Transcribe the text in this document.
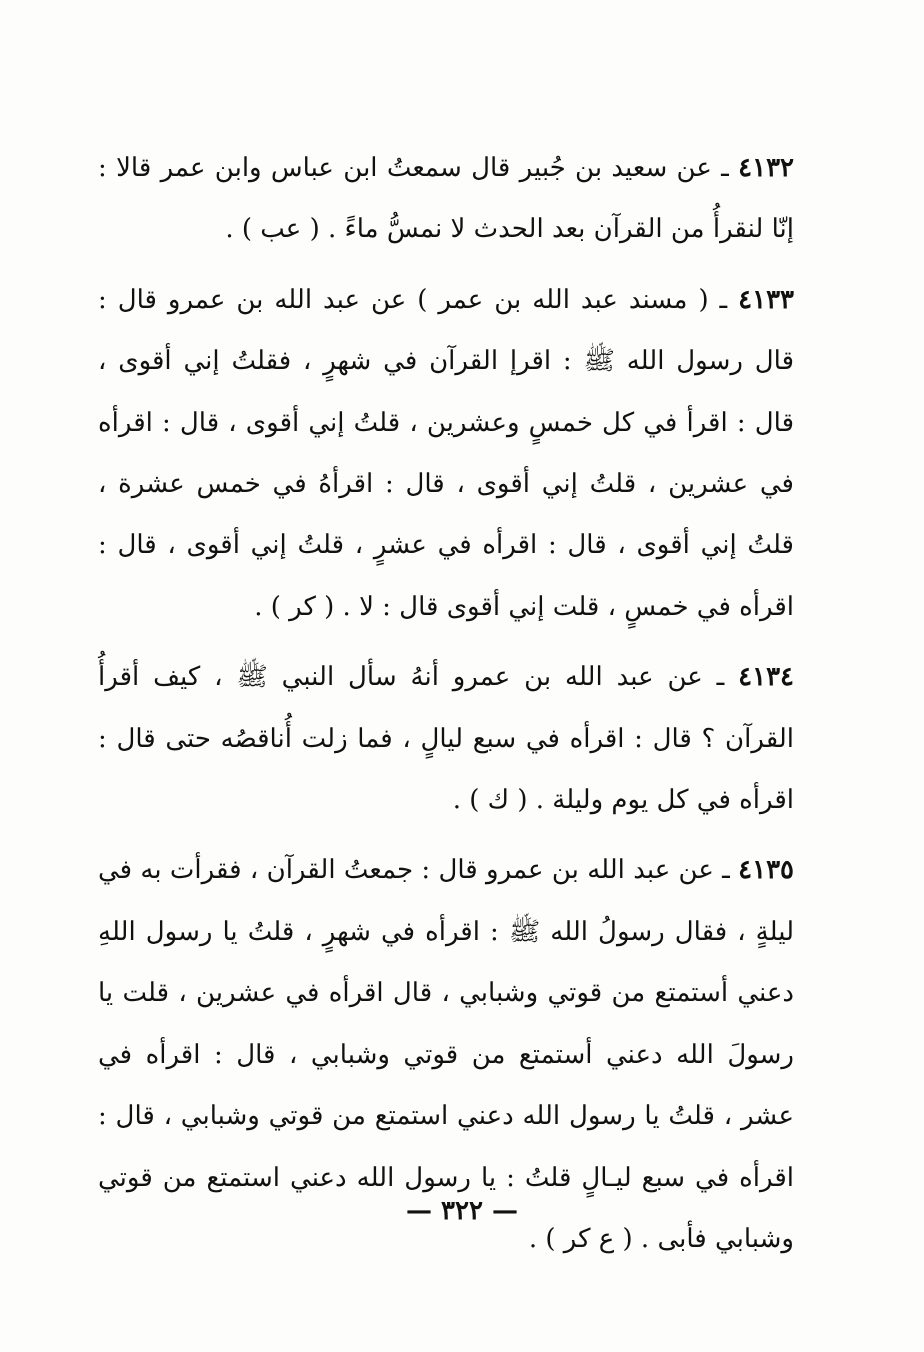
٤١٣٢ ـ عن سعيد بن جُبير قال سمعتُ ابن عباس وابن عمر قالا : إنّا لنقرأُ من القرآن بعد الحدث لا نمسُّ ماءً . ( عب ) .

٤١٣٣ ـ ( مسند عبد الله بن عمر ) عن عبد الله بن عمرو قال : قال رسول الله ﷺ : اقرإ القرآن في شهرٍ ، فقلتُ إني أقوى ، قال : اقرأ في كل خمسٍ وعشرين ، قلتُ إني أقوى ، قال : اقرأه في عشرين ، قلتُ إني أقوى ، قال : اقرأهُ في خمس عشرة ، قلتُ إني أقوى ، قال : اقرأه في عشرٍ ، قلتُ إني أقوى ، قال : اقرأه في خمسٍ ، قلت إني أقوى قال : لا . ( كر ) .

٤١٣٤ ـ عن عبد الله بن عمرو أنهُ سأل النبي ﷺ ، كيف أقرأُ القرآن ؟ قال : اقرأه في سبع ليالٍ ، فما زلت أُناقصُه حتى قال : اقرأه في كل يوم وليلة . ( ك ) .

٤١٣٥ ـ عن عبد الله بن عمرو قال : جمعتُ القرآن ، فقرأت به في ليلةٍ ، فقال رسولُ الله ﷺ : اقرأه في شهرٍ ، قلتُ يا رسول اللهِ دعني أستمتع من قوتي وشبابي ، قال اقرأه في عشرين ، قلت يا رسولَ الله دعني أستمتع من قوتي وشبابي ، قال : اقرأه في عشر ، قلتُ يا رسول الله دعني استمتع من قوتي وشبابي ، قال : اقرأه في سبع ليـالٍ قلتُ : يا رسول الله دعني استمتع من قوتي وشبابي فأبى . ( ع كر ) .

— ٣٢٢ —
